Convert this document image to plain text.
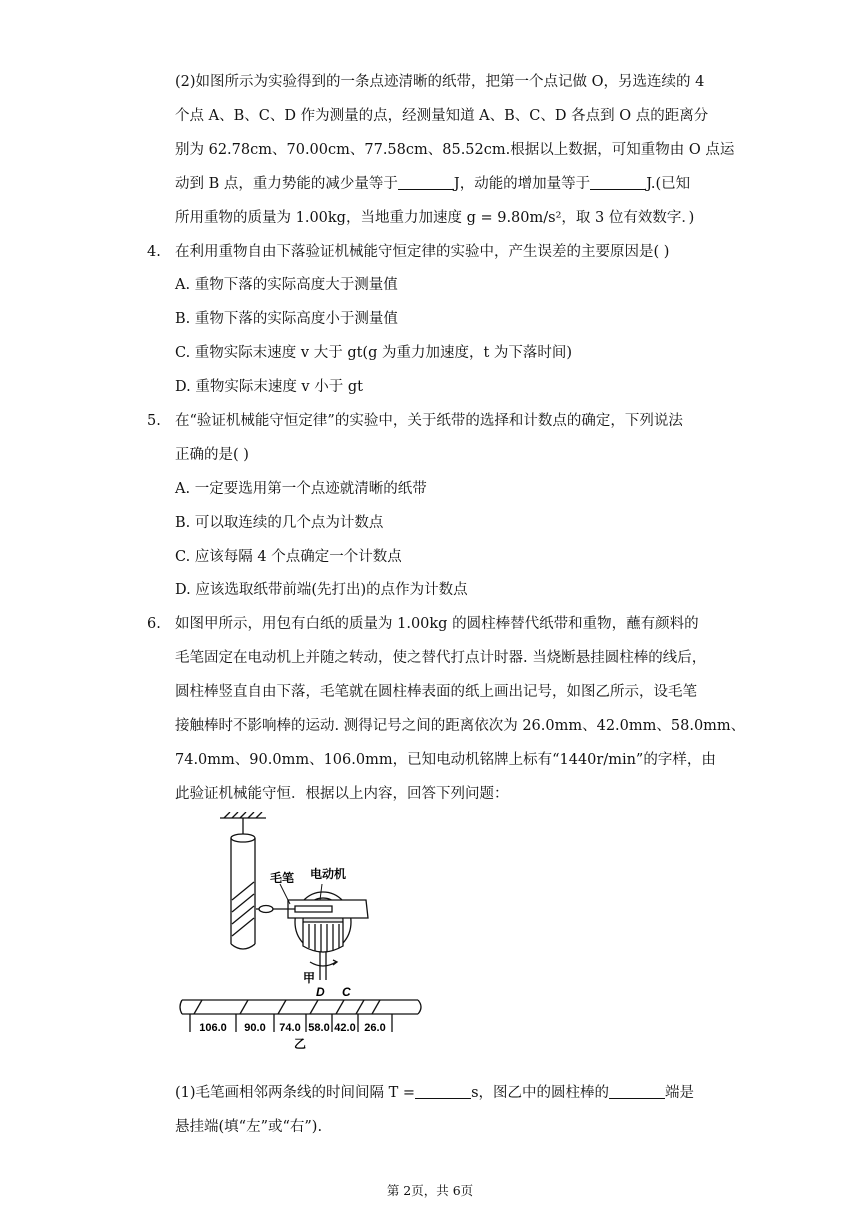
(2)如图所示为实验得到的一条点迹清晰的纸带，把第一个点记做 O，另选连续的 4
个点 A、B、C、D 作为测量的点，经测量知道 A、B、C、D 各点到 O 点的距离分
别为 62.78cm、70.00cm、77.58cm、85.52cm.根据以上数据，可知重物由 O 点运
动到 B 点，重力势能的减少量等于	J，动能的增加量等于	J.(已知
所用重物的质量为 1.00kg，当地重力加速度 g = 9.80m/s²，取 3 位有效数字．)
4. 在利用重物自由下落验证机械能守恒定律的实验中，产生误差的主要原因是( )
A. 重物下落的实际高度大于测量值
B. 重物下落的实际高度小于测量值
C. 重物实际末速度 v 大于 gt(g 为重力加速度，t 为下落时间)
D. 重物实际末速度 v 小于 gt
5. 在“验证机械能守恒定律”的实验中，关于纸带的选择和计数点的确定，下列说法
正确的是( )
A. 一定要选用第一个点迹就清晰的纸带
B. 可以取连续的几个点为计数点
C. 应该每隔 4 个点确定一个计数点
D. 应该选取纸带前端(先打出)的点作为计数点
6. 如图甲所示，用包有白纸的质量为 1.00kg 的圆柱棒替代纸带和重物，蘸有颜料的
毛笔固定在电动机上并随之转动，使之替代打点计时器. 当烧断悬挂圆柱棒的线后，
圆柱棒竖直自由下落，毛笔就在圆柱棒表面的纸上画出记号，如图乙所示，设毛笔
接触棒时不影响棒的运动. 测得记号之间的距离依次为 26.0mm、42.0mm、58.0mm、
74.0mm、90.0mm、106.0mm，已知电动机铭牌上标有“1440r/min”的字样，由
此验证机械能守恒．根据以上内容，回答下列问题：
毛笔 电动机
甲
D C
106.0 90.0 74.0 58.0 42.0 26.0
乙
(1)毛笔画相邻两条线的时间间隔 T =	s，图乙中的圆柱棒的	端是
悬挂端(填“左”或“右”).
第 2页，共 6页
